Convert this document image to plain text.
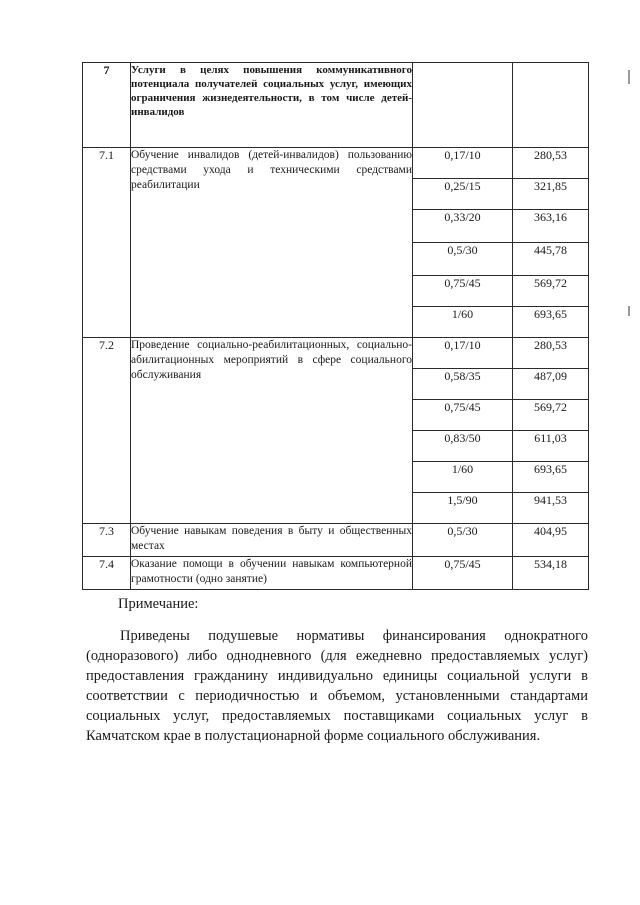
7	Услуги в целях повышения коммуникативного потенциала получателей социальных услуг, имеющих ограничения жизнедеятельности, в том числе детей-инвалидов		
7.1	Обучение инвалидов (детей-инвалидов) пользованию средствами ухода и техническими средствами реабилитации	0,17/10	280,53
		0,25/15	321,85
		0,33/20	363,16
		0,5/30	445,78
		0,75/45	569,72
		1/60	693,65
7.2	Проведение социально-реабилитационных, социально-абилитационных мероприятий в сфере социального обслуживания	0,17/10	280,53
		0,58/35	487,09
		0,75/45	569,72
		0,83/50	611,03
		1/60	693,65
		1,5/90	941,53
7.3	Обучение навыкам поведения в быту и общественных местах	0,5/30	404,95
7.4	Оказание помощи в обучении навыкам компьютерной грамотности (одно занятие)	0,75/45	534,18
Примечание:
Приведены подушевые нормативы финансирования однократного (одноразового) либо однодневного (для ежедневно предоставляемых услуг) предоставления гражданину индивидуально единицы социальной услуги в соответствии с периодичностью и объемом, установленными стандартами социальных услуг, предоставляемых поставщиками социальных услуг в Камчатском крае в полустационарной форме социального обслуживания.
